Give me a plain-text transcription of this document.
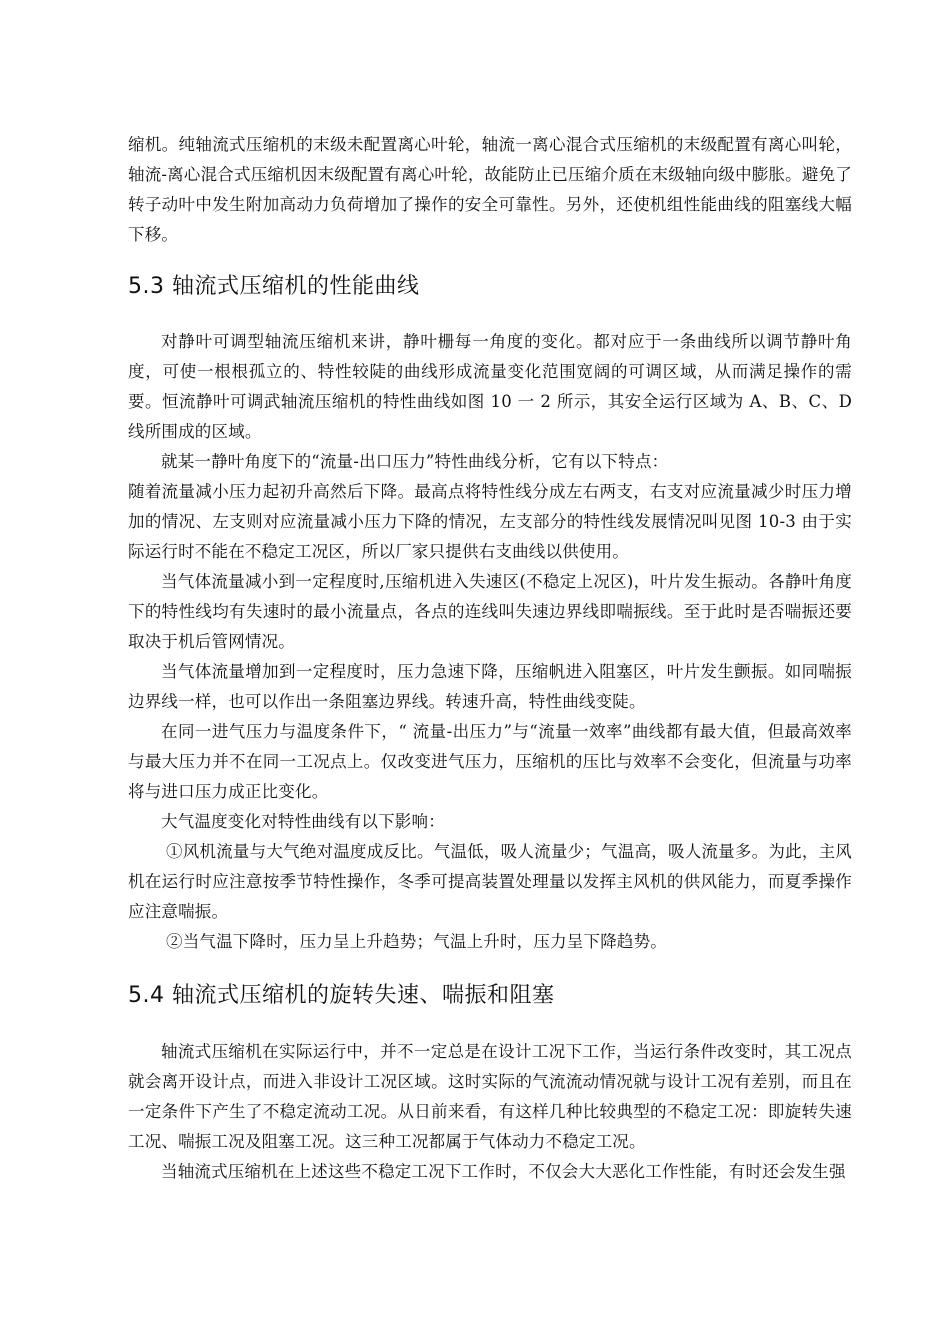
缩机。纯轴流式压缩机的末级未配置离心叶轮，轴流一离心混合式压缩机的末级配置有离心叫轮，轴流-离心混合式压缩机因末级配置有离心叶轮，故能防止已压缩介质在末级轴向级中膨胀。避免了转子动叶中发生附加高动力负荷增加了操作的安全可靠性。另外，还使机组性能曲线的阻塞线大幅下移。

5.3 轴流式压缩机的性能曲线

对静叶可调型轴流压缩机来讲，静叶栅每一角度的变化。都对应于一条曲线所以调节静叶角度，可使一根根孤立的、特性较陡的曲线形成流量变化范围宽阔的可调区域，从而满足操作的需要。恒流静叶可调武轴流压缩机的特性曲线如图 10 一 2 所示，其安全运行区域为 A、B、C、D 线所围成的区域。

就某一静叶角度下的“流量-出口压力”特性曲线分析，它有以下特点：

随着流量减小压力起初升高然后下降。最高点将特性线分成左右两支，右支对应流量减少时压力增加的情况、左支则对应流量减小压力下降的情况，左支部分的特性线发展情况叫见图 10-3 由于实际运行时不能在不稳定工况区，所以厂家只提供右支曲线以供使用。

当气体流量减小到一定程度时,压缩机进入失速区(不稳定上况区)，叶片发生振动。各静叶角度下的特性线均有失速时的最小流量点，各点的连线叫失速边界线即喘振线。至于此时是否喘振还要取决于机后管网情况。

当气体流量增加到一定程度时，压力急速下降，压缩帆进入阻塞区，叶片发生颤振。如同喘振边界线一样，也可以作出一条阻塞边界线。转速升高，特性曲线变陡。

在同一进气压力与温度条件下，“ 流量-出压力”与“流量一效率”曲线都有最大值，但最高效率与最大压力并不在同一工况点上。仅改变进气压力，压缩机的压比与效率不会变化，但流量与功率将与进口压力成正比变化。

大气温度变化对特性曲线有以下影响：

①风机流量与大气绝对温度成反比。气温低，吸人流量少；气温高，吸人流量多。为此，主风机在运行时应注意按季节特性操作，冬季可提高装置处理量以发挥主风机的供风能力，而夏季操作应注意喘振。

②当气温下降时，压力呈上升趋势；气温上升时，压力呈下降趋势。

5.4 轴流式压缩机的旋转失速、喘振和阻塞

轴流式压缩机在实际运行中，并不一定总是在设计工况下工作，当运行条件改变时，其工况点就会离开设计点，而进入非设计工况区域。这时实际的气流流动情况就与设计工况有差别，而且在一定条件下产生了不稳定流动工况。从日前来看，有这样几种比较典型的不稳定工况：即旋转失速工况、喘振工况及阻塞工况。这三种工况都属于气体动力不稳定工况。

当轴流式压缩机在上述这些不稳定工况下工作时，不仅会大大恶化工作性能，有时还会发生强
